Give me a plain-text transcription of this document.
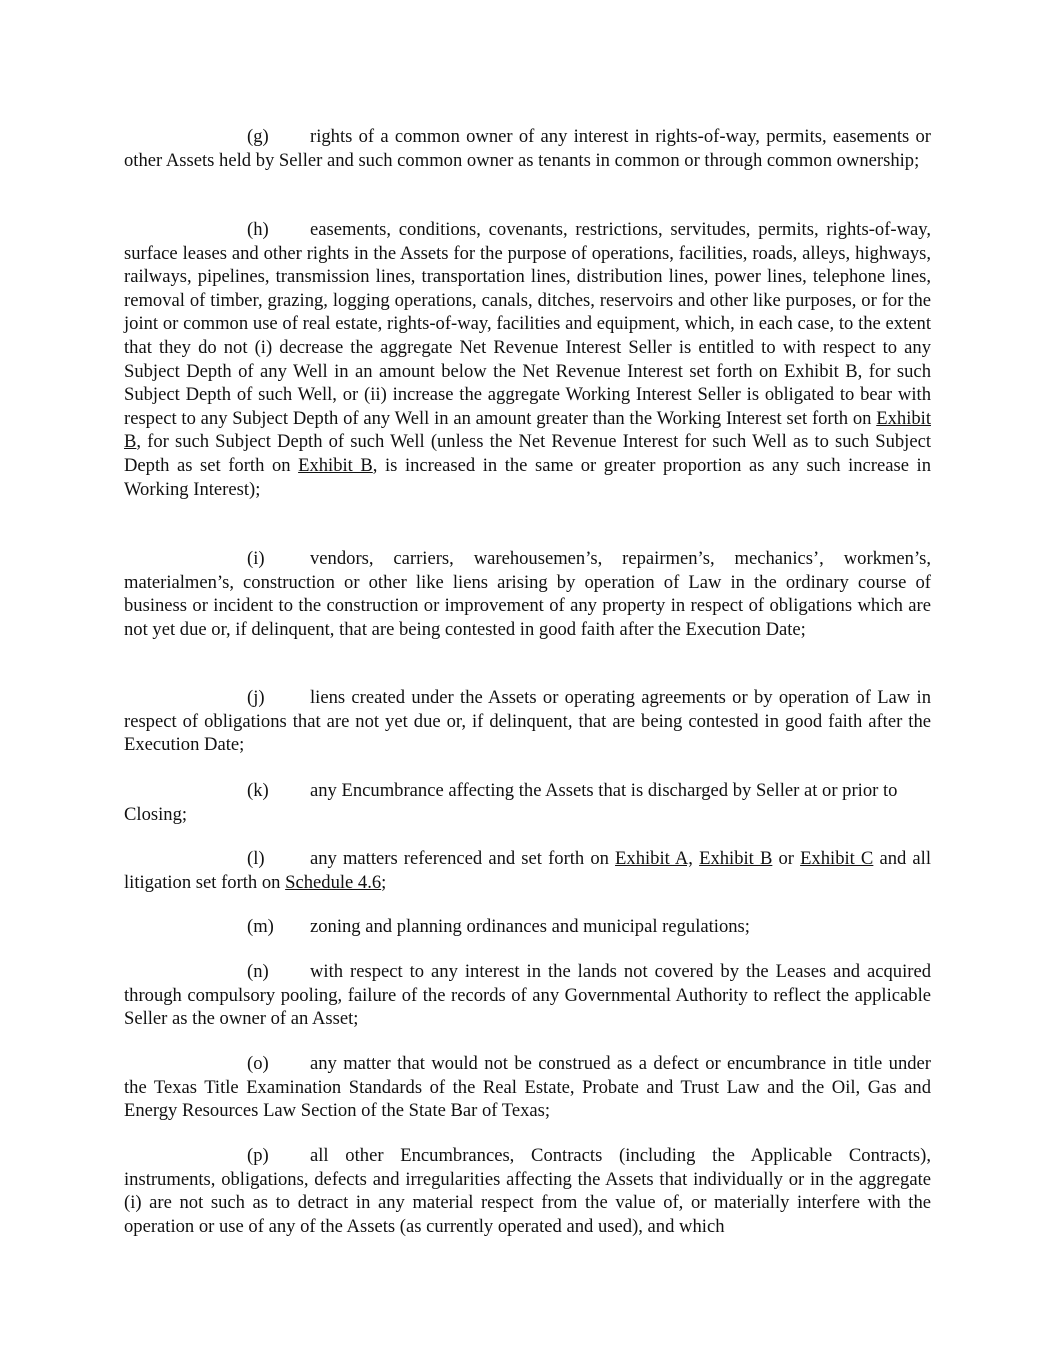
(g) rights of a common owner of any interest in rights-of-way, permits, easements or other Assets held by Seller and such common owner as tenants in common or through common ownership;

(h) easements, conditions, covenants, restrictions, servitudes, permits, rights-of-way, surface leases and other rights in the Assets for the purpose of operations, facilities, roads, alleys, highways, railways, pipelines, transmission lines, transportation lines, distribution lines, power lines, telephone lines, removal of timber, grazing, logging operations, canals, ditches, reservoirs and other like purposes, or for the joint or common use of real estate, rights-of-way, facilities and equipment, which, in each case, to the extent that they do not (i) decrease the aggregate Net Revenue Interest Seller is entitled to with respect to any Subject Depth of any Well in an amount below the Net Revenue Interest set forth on Exhibit B, for such Subject Depth of such Well, or (ii) increase the aggregate Working Interest Seller is obligated to bear with respect to any Subject Depth of any Well in an amount greater than the Working Interest set forth on Exhibit B, for such Subject Depth of such Well (unless the Net Revenue Interest for such Well as to such Subject Depth as set forth on Exhibit B, is increased in the same or greater proportion as any such increase in Working Interest);

(i) vendors, carriers, warehousemen’s, repairmen’s, mechanics’, workmen’s, materialmen’s, construction or other like liens arising by operation of Law in the ordinary course of business or incident to the construction or improvement of any property in respect of obligations which are not yet due or, if delinquent, that are being contested in good faith after the Execution Date;

(j) liens created under the Assets or operating agreements or by operation of Law in respect of obligations that are not yet due or, if delinquent, that are being contested in good faith after the Execution Date;

(k) any Encumbrance affecting the Assets that is discharged by Seller at or prior to Closing;

(l) any matters referenced and set forth on Exhibit A, Exhibit B or Exhibit C and all litigation set forth on Schedule 4.6;

(m) zoning and planning ordinances and municipal regulations;

(n) with respect to any interest in the lands not covered by the Leases and acquired through compulsory pooling, failure of the records of any Governmental Authority to reflect the applicable Seller as the owner of an Asset;

(o) any matter that would not be construed as a defect or encumbrance in title under the Texas Title Examination Standards of the Real Estate, Probate and Trust Law and the Oil, Gas and Energy Resources Law Section of the State Bar of Texas;

(p) all other Encumbrances, Contracts (including the Applicable Contracts), instruments, obligations, defects and irregularities affecting the Assets that individually or in the aggregate (i) are not such as to detract in any material respect from the value of, or materially interfere with the operation or use of any of the Assets (as currently operated and used), and which
